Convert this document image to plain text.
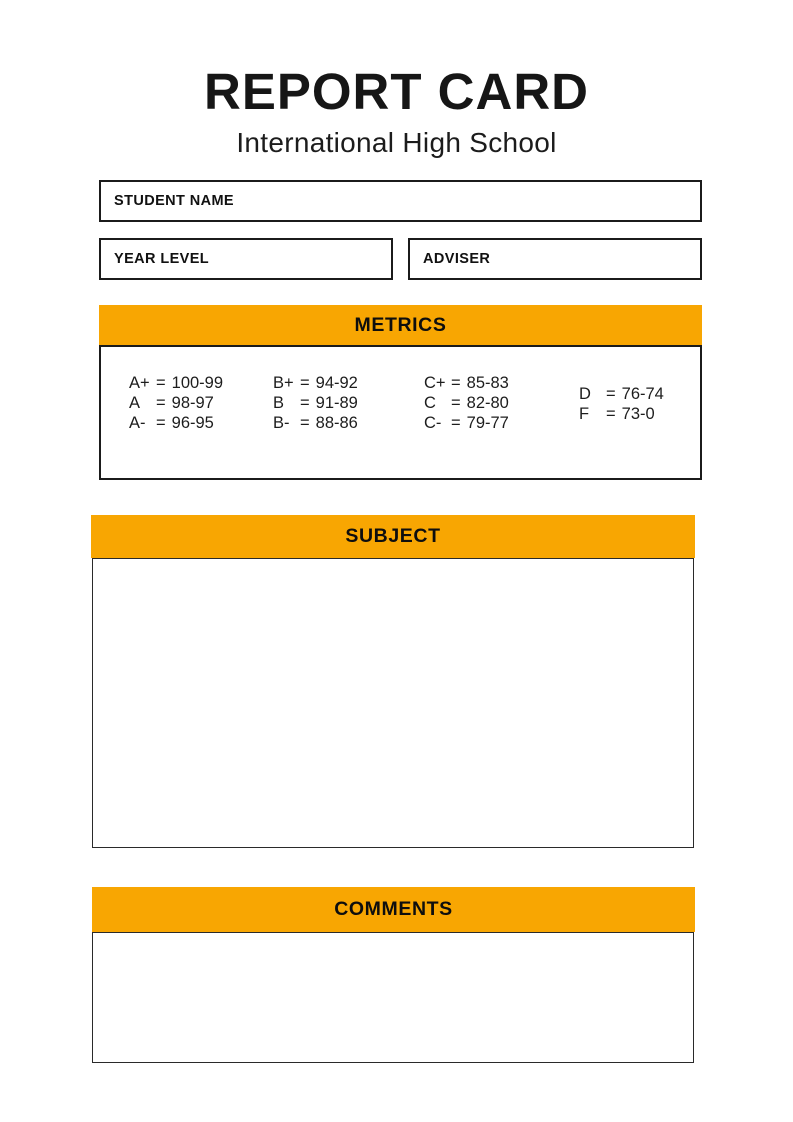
REPORT CARD
International High School
STUDENT NAME
YEAR LEVEL	ADVISER
METRICS
A+ = 100-99
A = 98-97
A- = 96-95
B+ = 94-92
B = 91-89
B- = 88-86
C+ = 85-83
C = 82-80
C- = 79-77
D = 76-74
F	= 73-0
SUBJECT
COMMENTS
